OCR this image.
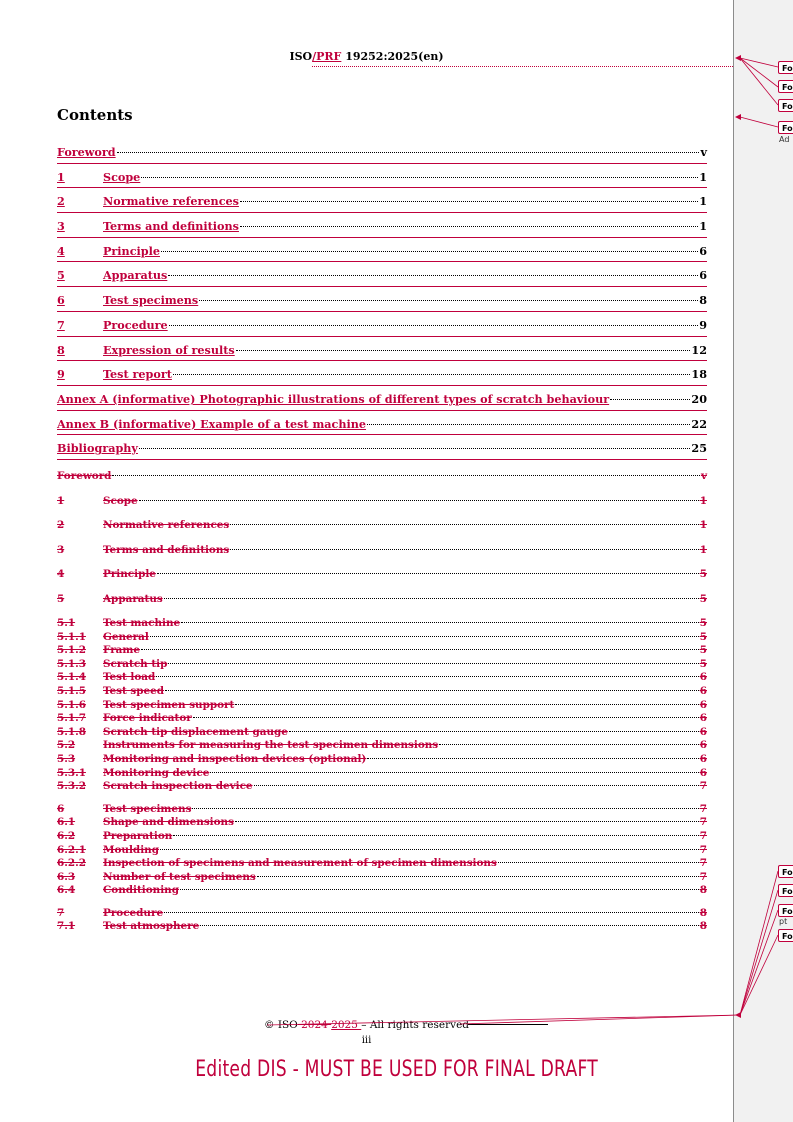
ISO/PRF 19252:2025(en)
Contents
Foreword	v
1	Scope	1
2	Normative references	1
3	Terms and definitions	1
4	Principle	6
5	Apparatus	6
6	Test specimens	8
7	Procedure	9
8	Expression of results	12
9	Test report	18
Annex A (informative) Photographic illustrations of different types of scratch behaviour	20
Annex B (informative) Example of a test machine	22
Bibliography	25
Foreword	v
1	Scope	1
2	Normative references	1
3	Terms and definitions	1
4	Principle	5
5	Apparatus	5
5.1	Test machine	5
5.1.1	General	5
5.1.2	Frame	5
5.1.3	Scratch tip	5
5.1.4	Test load	6
5.1.5	Test speed	6
5.1.6	Test specimen support	6
5.1.7	Force indicator	6
5.1.8	Scratch tip displacement gauge	6
5.2	Instruments for measuring the test specimen dimensions	6
5.3	Monitoring and inspection devices (optional)	6
5.3.1	Monitoring device	6
5.3.2	Scratch inspection device	7
6	Test specimens	7
6.1	Shape and dimensions	7
6.2	Preparation	7
6.2.1	Moulding	7
6.2.2	Inspection of specimens and measurement of specimen dimensions	7
6.3	Number of test specimens	7
6.4	Conditioning	8
7	Procedure	8
7.1	Test atmosphere	8
© ISO 2024 2025 – All rights reserved
iii
Fo
Fo
Fo
Fo
Ad
Fo
Fo
Fo
pt
Fo
Edited DIS - MUST BE USED FOR FINAL DRAFT
